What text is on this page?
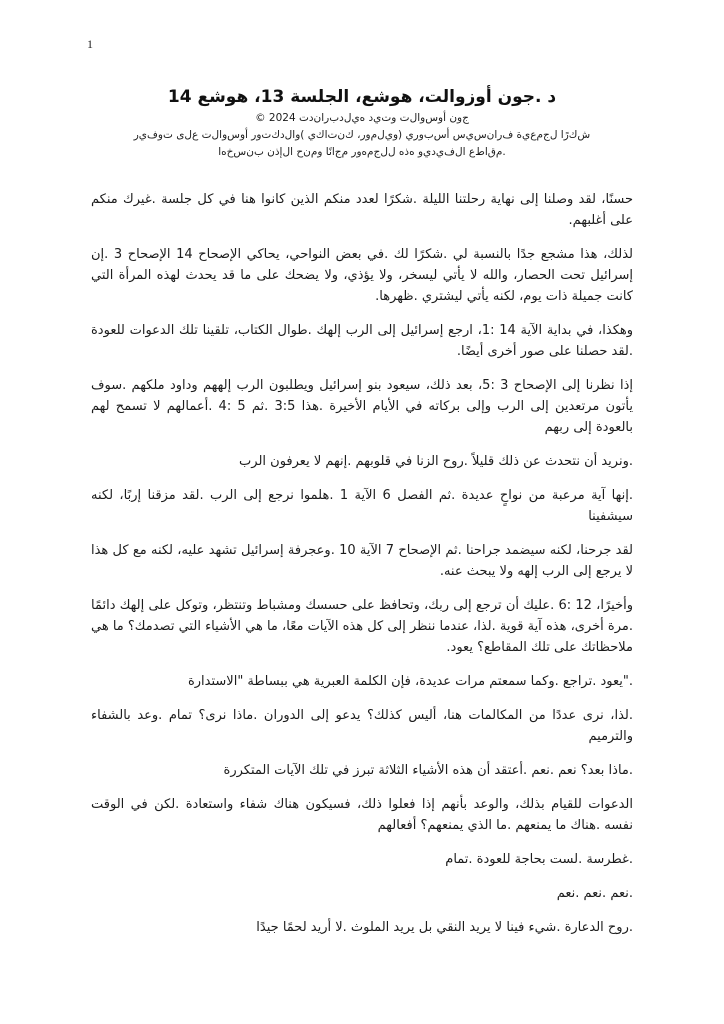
1
د .جون أوزوالت، هوشع، الجلسة 13، هوشع 14
ج‌و‌ن أ‌و‌س‌و‌ا‌ل‌ت و‌ت‌ي‌د ه‌ي‌ل‌د‌ب‌ر‌ا‌ن‌د‌ت 2024 ©
ش‌ك‌رًا ل‌ج‌م‌ع‌ي‌ة ف‌ر‌ا‌ن‌س‌ي‌س أ‌س‌ب‌و‌ر‌ي (و‌ي‌ل‌م‌و‌ر، ك‌ن‌ت‌ا‌ك‌ي )و‌ا‌ل‌د‌ك‌ت‌و‌ر أ‌و‌س‌و‌ا‌ل‌ت ع‌ل‌ى ت‌و‌ف‌ي‌ر
.م‌ق‌ا‌ط‌ع ا‌ل‌ف‌ي‌د‌ي‌و ه‌ذ‌ه ل‌ل‌ج‌م‌ه‌و‌ر م‌ج‌ا‌نًا و‌م‌ن‌ح ا‌ل‌إ‌ذ‌ن ب‌ن‌س‌خ‌ه‌ا

حسنًا، لقد وصلنا إلى نهاية رحلتنا الليلة .شكرًا لعدد منكم الذين كانوا هنا في كل جلسة .غيرك منكم على أغلبهم.

لذلك، هذا مشجع جدًا بالنسبة لي .شكرًا لك .في بعض النواحي، يحاكي الإصحاح 14 الإصحاح 3 .إن إسرائيل تحت الحصار، والله لا يأتي ليسخر، ولا يؤذي، ولا يضحك على ما قد يحدث لهذه المرأة التي كانت جميلة ذات يوم، لكنه يأتي ليشتري .ظهرها.

وهكذا، في بداية الآية 14 :1، ارجع إسرائيل إلى الرب إلهك .طوال الكتاب، تلقينا تلك الدعوات للعودة .لقد حصلنا على صور أخرى أيضًا.

إذا نظرنا إلى الإصحاح 3 :5، بعد ذلك، سيعود بنو إسرائيل ويطلبون الرب إلههم وداود ملكهم .سوف يأتون مرتعدين إلى الرب وإلى بركاته في الأيام الأخيرة .هذا 3:5 .ثم 5 :4 .أعمالهم لا تسمح لهم بالعودة إلى ربهم

.ونريد أن نتحدث عن ذلك قليلاً .روح الزنا في قلوبهم .إنهم لا يعرفون الرب

.إنها آية مرعبة من نواحٍ عديدة .ثم الفصل 6 الآية 1 .هلموا نرجع إلى الرب .لقد مزقنا إربًا، لكنه سيشفينا

لقد جرحنا، لكنه سيضمد جراحنا .ثم الإصحاح 7 الآية 10 .وعجرفة إسرائيل تشهد عليه، لكنه مع كل هذا لا يرجع إلى الرب إلهه ولا يبحث عنه.

وأخيرًا، 12 :6 .عليك أن ترجع إلى ربك، وتحافظ على حسسك ومشباط وتنتظر، وتوكل على إلهك دائمًا .مرة أخرى، هذه آية قوية .لذا، عندما ننظر إلى كل هذه الآيات معًا، ما هي الأشياء التي تصدمك؟ ما هي ملاحظاتك على تلك المقاطع؟ يعود.

."يعود .تراجع .وكما سمعتم مرات عديدة، فإن الكلمة العبرية هي ببساطة "الاستدارة

.لذا، نرى عددًا من المكالمات هنا، أليس كذلك؟ يدعو إلى الدوران .ماذا نرى؟ تمام .وعد بالشفاء والترميم

.ماذا بعد؟ نعم .نعم .أعتقد أن هذه الأشياء الثلاثة تبرز في تلك الآيات المتكررة

الدعوات للقيام بذلك، والوعد بأنهم إذا فعلوا ذلك، فسيكون هناك شفاء واستعادة .لكن في الوقت نفسه .هناك ما يمنعهم .ما الذي يمنعهم؟ أفعالهم

.غطرسة .لست بحاجة للعودة .تمام

.نعم .نعم .نعم

.روح الدعارة .شيء فينا لا يريد النقي بل يريد الملوث .لا أريد لحمًا جيدًا
